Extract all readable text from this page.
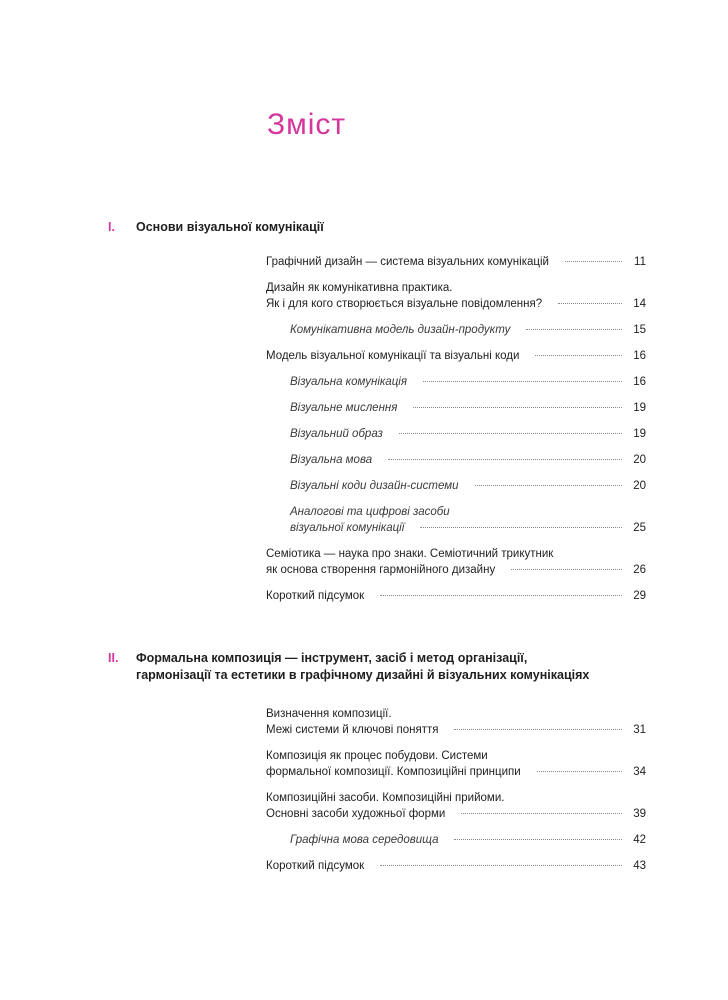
Зміст
I. Основи візуальної комунікації
Графічний дизайн — система візуальних комунікацій	11
Дизайн як комунікативна практика.
Як і для кого створюється візуальне повідомлення?	14
Комунікативна модель дизайн-продукту	15
Модель візуальної комунікації та візуальні коди	16
Візуальна комунікація	16
Візуальне мислення	19
Візуальний образ	19
Візуальна мова	20
Візуальні коди дизайн-системи	20
Аналогові та цифрові засоби
візуальної комунікації	25
Семіотика — наука про знаки. Семіотичний трикутник
як основа створення гармонійного дизайну	26
Короткий підсумок	29
II. Формальна композиція — інструмент, засіб і метод організації,
гармонізації та естетики в графічному дизайні й візуальних комунікаціях
Визначення композиції.
Межі системи й ключові поняття	31
Композиція як процес побудови. Системи
формальної композиції. Композиційні принципи	34
Композиційні засоби. Композиційні прийоми.
Основні засоби художньої форми	39
Графічна мова середовища	42
Короткий підсумок	43
